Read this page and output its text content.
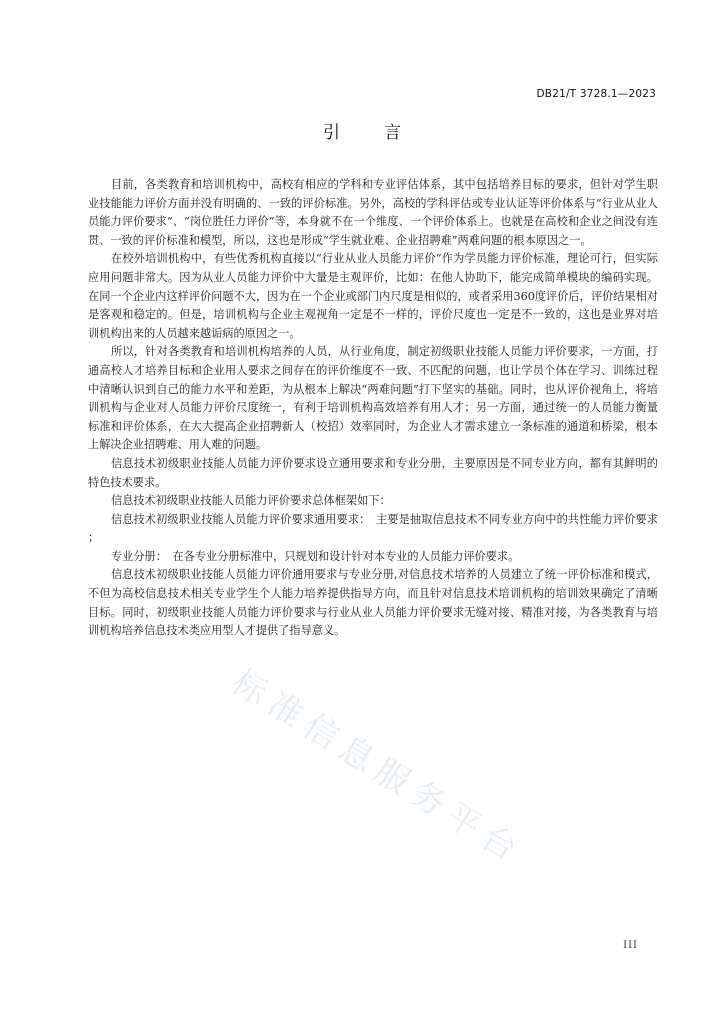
DB21/T 3728.1—2023
引言

目前，各类教育和培训机构中，高校有相应的学科和专业评估体系，其中包括培养目标的要求，但针对学生职业技能能力评价方面并没有明确的、一致的评价标准。另外，高校的学科评估或专业认证等评价体系与“行业从业人员能力评价要求”、“岗位胜任力评价”等，本身就不在一个维度、一个评价体系上。也就是在高校和企业之间没有连贯、一致的评价标准和模型，所以，这也是形成“学生就业难、企业招聘难”两难问题的根本原因之一。

在校外培训机构中，有些优秀机构直接以“行业从业人员能力评价”作为学员能力评价标准，理论可行，但实际应用问题非常大。因为从业人员能力评价中大量是主观评价，比如：在他人协助下，能完成简单模块的编码实现。在同一个企业内这样评价问题不大，因为在一个企业或部门内尺度是相似的，或者采用360度评价后，评价结果相对是客观和稳定的。但是，培训机构与企业主观视角一定是不一样的，评价尺度也一定是不一致的，这也是业界对培训机构出来的人员越来越诟病的原因之一。

所以，针对各类教育和培训机构培养的人员，从行业角度，制定初级职业技能人员能力评价要求，一方面，打通高校人才培养目标和企业用人要求之间存在的评价维度不一致、不匹配的问题，也让学员个体在学习、训练过程中清晰认识到自己的能力水平和差距，为从根本上解决“两难问题”打下坚实的基础。同时，也从评价视角上，将培训机构与企业对人员能力评价尺度统一，有利于培训机构高效培养有用人才；另一方面，通过统一的人员能力衡量标准和评价体系，在大大提高企业招聘新人（校招）效率同时，为企业人才需求建立一条标准的通道和桥梁，根本上解决企业招聘难、用人难的问题。

信息技术初级职业技能人员能力评价要求设立通用要求和专业分册，主要原因是不同专业方向，都有其鲜明的特色技术要求。

信息技术初级职业技能人员能力评价要求总体框架如下：

信息技术初级职业技能人员能力评价要求通用要求：　主要是抽取信息技术不同专业方向中的共性能力评价要求 ；

专业分册：　在各专业分册标准中，只规划和设计针对本专业的人员能力评价要求。

信息技术初级职业技能人员能力评价通用要求与专业分册,对信息技术培养的人员建立了统一评价标准和模式，不但为高校信息技术相关专业学生个人能力培养提供指导方向，而且针对信息技术培训机构的培训效果确定了清晰目标。同时，初级职业技能人员能力评价要求与行业从业人员能力评价要求无缝对接、精准对接，为各类教育与培训机构培养信息技术类应用型人才提供了指导意义。

标准信息服务平台
III
